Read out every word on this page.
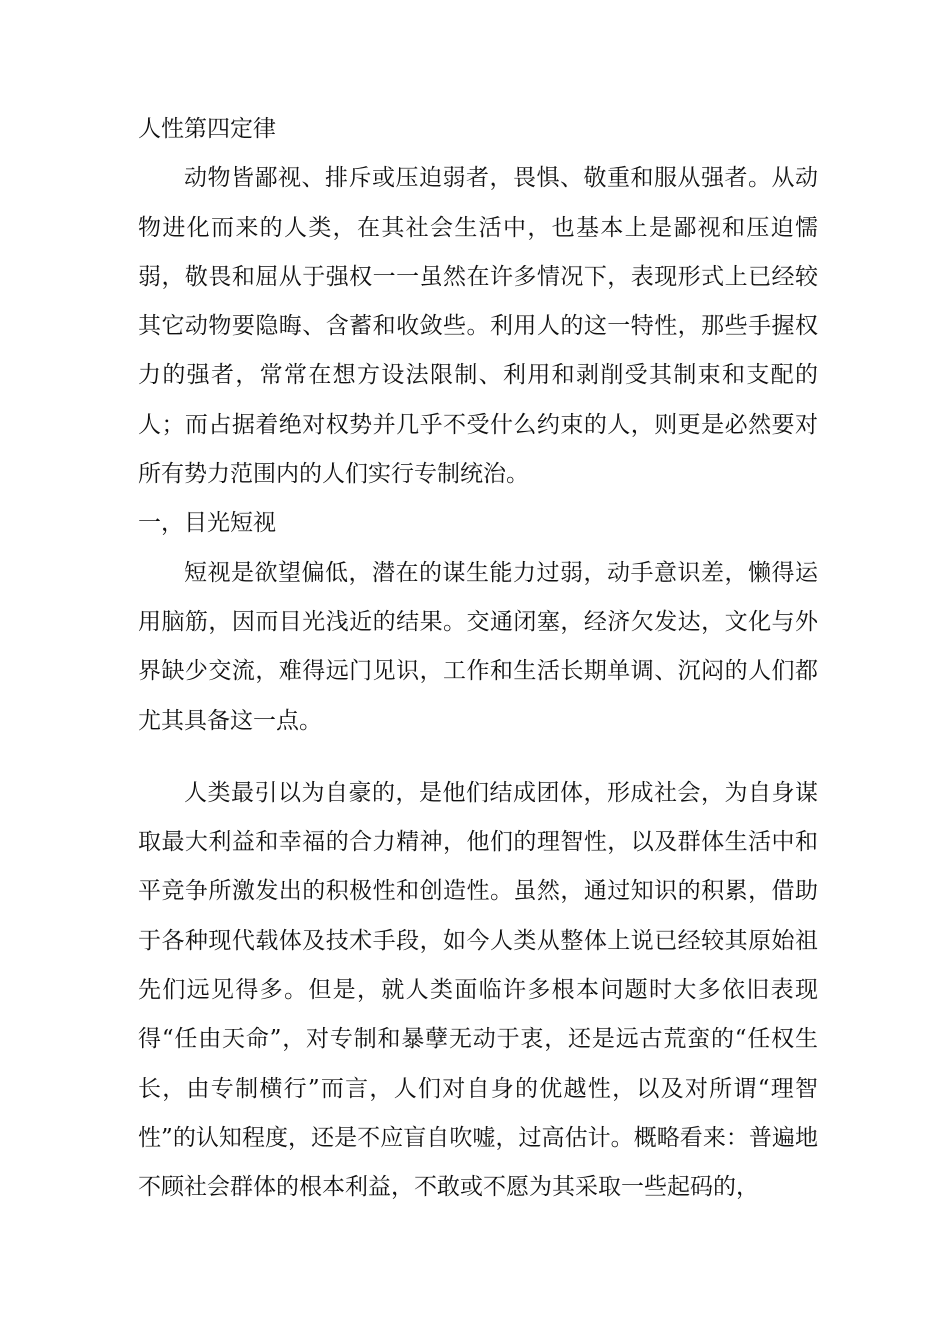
人性第四定律

动物皆鄙视、排斥或压迫弱者，畏惧、敬重和服从强者。从动物进化而来的人类，在其社会生活中，也基本上是鄙视和压迫懦弱，敬畏和屈从于强权一一虽然在许多情况下，表现形式上已经较其它动物要隐晦、含蓄和收敛些。利用人的这一特性，那些手握权力的强者，常常在想方设法限制、利用和剥削受其制束和支配的人；而占据着绝对权势并几乎不受什么约束的人，则更是必然要对所有势力范围内的人们实行专制统治。

一，目光短视

短视是欲望偏低，潜在的谋生能力过弱，动手意识差，懒得运用脑筋，因而目光浅近的结果。交通闭塞，经济欠发达，文化与外界缺少交流，难得远门见识，工作和生活长期单调、沉闷的人们都尤其具备这一点。

人类最引以为自豪的，是他们结成团体，形成社会，为自身谋取最大利益和幸福的合力精神，他们的理智性，以及群体生活中和平竞争所激发出的积极性和创造性。虽然，通过知识的积累，借助于各种现代载体及技术手段，如今人类从整体上说已经较其原始祖先们远见得多。但是，就人类面临许多根本问题时大多依旧表现得“任由天命”，对专制和暴孽无动于衷，还是远古荒蛮的“任权生长，由专制横行”而言，人们对自身的优越性，以及对所谓“理智性”的认知程度，还是不应盲自吹嘘，过高估计。概略看来：普遍地不顾社会群体的根本利益，不敢或不愿为其采取一些起码的，
